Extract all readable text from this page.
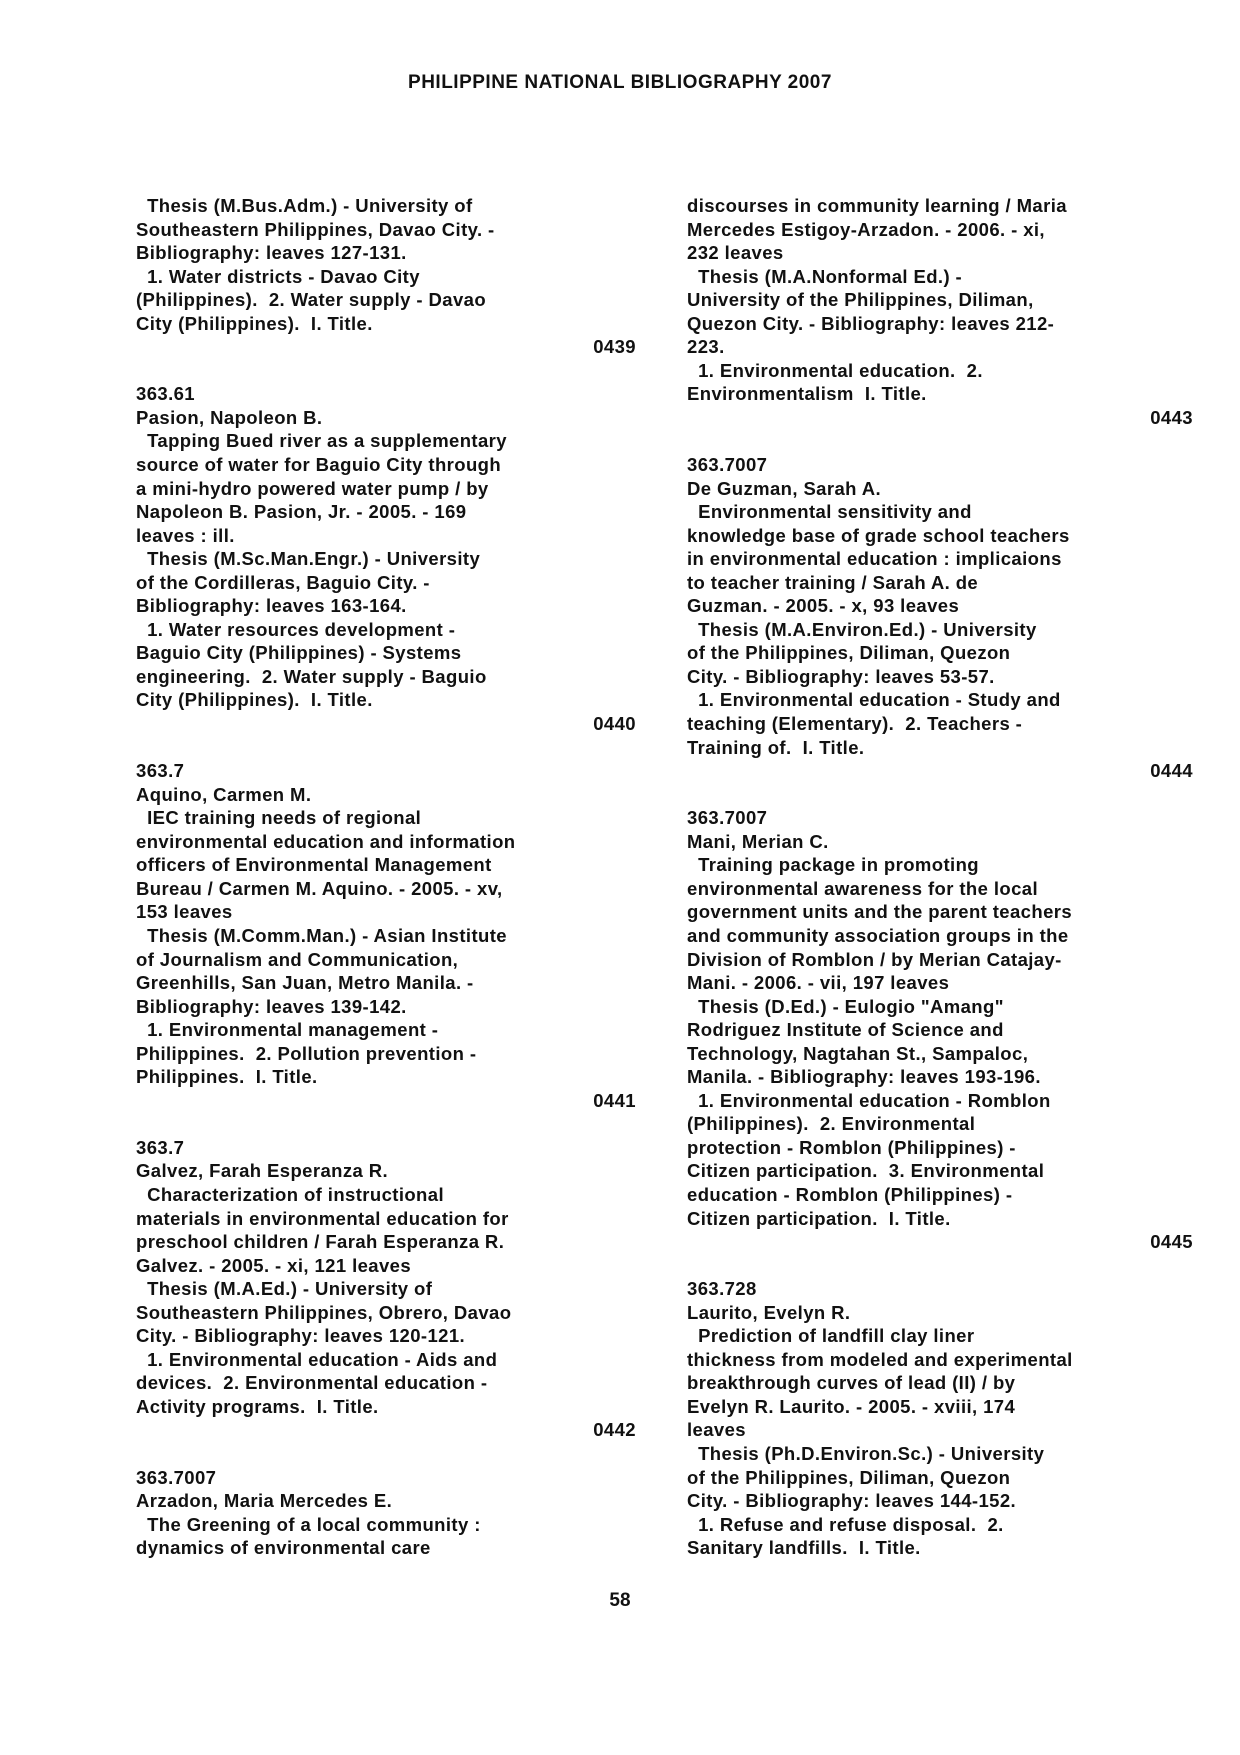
PHILIPPINE NATIONAL BIBLIOGRAPHY 2007
Thesis (M.Bus.Adm.) - University of
Southeastern Philippines, Davao City. -
Bibliography: leaves 127-131.
1. Water districts - Davao City
(Philippines).  2. Water supply - Davao
City (Philippines).  I. Title.
0439
363.61
Pasion, Napoleon B.
Tapping Bued river as a supplementary
source of water for Baguio City through
a mini-hydro powered water pump / by
Napoleon B. Pasion, Jr. - 2005. - 169
leaves : ill.
Thesis (M.Sc.Man.Engr.) - University
of the Cordilleras, Baguio City. -
Bibliography: leaves 163-164.
1. Water resources development -
Baguio City (Philippines) - Systems
engineering.  2. Water supply - Baguio
City (Philippines).  I. Title.
0440
363.7
Aquino, Carmen M.
IEC training needs of regional
environmental education and information
officers of Environmental Management
Bureau / Carmen M. Aquino. - 2005. - xv,
153 leaves
Thesis (M.Comm.Man.) - Asian Institute
of Journalism and Communication,
Greenhills, San Juan, Metro Manila. -
Bibliography: leaves 139-142.
1. Environmental management -
Philippines.  2. Pollution prevention -
Philippines.  I. Title.
0441
363.7
Galvez, Farah Esperanza R.
Characterization of instructional
materials in environmental education for
preschool children / Farah Esperanza R.
Galvez. - 2005. - xi, 121 leaves
Thesis (M.A.Ed.) - University of
Southeastern Philippines, Obrero, Davao
City. - Bibliography: leaves 120-121.
1. Environmental education - Aids and
devices.  2. Environmental education -
Activity programs.  I. Title.
0442
363.7007
Arzadon, Maria Mercedes E.
The Greening of a local community :
dynamics of environmental care
discourses in community learning / Maria
Mercedes Estigoy-Arzadon. - 2006. - xi,
232 leaves
Thesis (M.A.Nonformal Ed.) -
University of the Philippines, Diliman,
Quezon City. - Bibliography: leaves 212-
223.
1. Environmental education.  2.
Environmentalism  I. Title.
0443
363.7007
De Guzman, Sarah A.
Environmental sensitivity and
knowledge base of grade school teachers
in environmental education : implicaions
to teacher training / Sarah A. de
Guzman. - 2005. - x, 93 leaves
Thesis (M.A.Environ.Ed.) - University
of the Philippines, Diliman, Quezon
City. - Bibliography: leaves 53-57.
1. Environmental education - Study and
teaching (Elementary).  2. Teachers -
Training of.  I. Title.
0444
363.7007
Mani, Merian C.
Training package in promoting
environmental awareness for the local
government units and the parent teachers
and community association groups in the
Division of Romblon / by Merian Catajay-
Mani. - 2006. - vii, 197 leaves
Thesis (D.Ed.) - Eulogio "Amang"
Rodriguez Institute of Science and
Technology, Nagtahan St., Sampaloc,
Manila. - Bibliography: leaves 193-196.
1. Environmental education - Romblon
(Philippines).  2. Environmental
protection - Romblon (Philippines) -
Citizen participation.  3. Environmental
education - Romblon (Philippines) -
Citizen participation.  I. Title.
0445
363.728
Laurito, Evelyn R.
Prediction of landfill clay liner
thickness from modeled and experimental
breakthrough curves of lead (II) / by
Evelyn R. Laurito. - 2005. - xviii, 174
leaves
Thesis (Ph.D.Environ.Sc.) - University
of the Philippines, Diliman, Quezon
City. - Bibliography: leaves 144-152.
1. Refuse and refuse disposal.  2.
Sanitary landfills.  I. Title.
58
